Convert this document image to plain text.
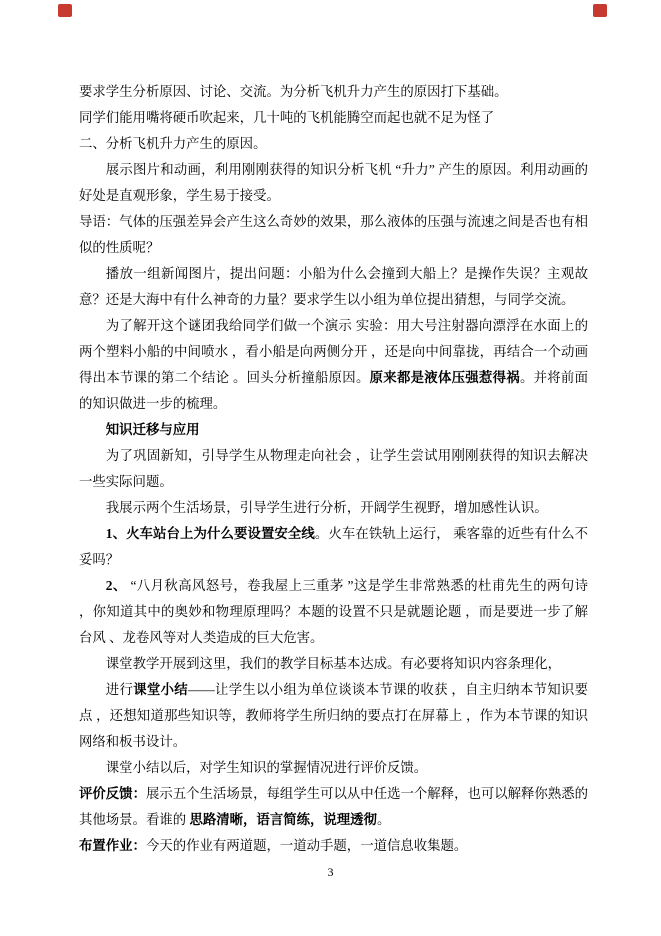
要求学生分析原因、讨论、交流。为分析飞机升力产生的原因打下基础。

同学们能用嘴将硬币吹起来，几十吨的飞机能腾空而起也就不足为怪了

二、分析飞机升力产生的原因。

展示图片和动画，利用刚刚获得的知识分析飞机 “升力” 产生的原因。利用动画的好处是直观形象，学生易于接受。

导语：气体的压强差异会产生这么奇妙的效果，那么液体的压强与流速之间是否也有相似的性质呢？

播放一组新闻图片，提出问题：小船为什么会撞到大船上？是操作失误？主观故意？还是大海中有什么神奇的力量？要求学生以小组为单位提出猜想，与同学交流。

为了解开这个谜团我给同学们做一个演示 实验：用大号注射器向漂浮在水面上的两个塑料小船的中间喷水 ，看小船是向两侧分开 ，还是向中间靠拢，再结合一个动画得出本节课的第二个结论 。回头分析撞船原因。原来都是液体压强惹得祸。并将前面的知识做进一步的梳理。

知识迁移与应用

为了巩固新知，引导学生从物理走向社会 ，让学生尝试用刚刚获得的知识去解决一些实际问题。

我展示两个生活场景，引导学生进行分析，开阔学生视野，增加感性认识。

1、火车站台上为什么要设置安全线。火车在铁轨上运行， 乘客靠的近些有什么不妥吗？

2、 “八月秋高风怒号，卷我屋上三重茅 ”这是学生非常熟悉的杜甫先生的两句诗 ，你知道其中的奥妙和物理原理吗？本题的设置不只是就题论题 ，而是要进一步了解台风 、龙卷风等对人类造成的巨大危害。

课堂教学开展到这里，我们的教学目标基本达成。有必要将知识内容条理化，

进行课堂小结——让学生以小组为单位谈谈本节课的收获 ，自主归纳本节知识要点 ，还想知道那些知识等，教师将学生所归纳的要点打在屏幕上 ，作为本节课的知识网络和板书设计。

课堂小结以后，对学生知识的掌握情况进行评价反馈。

评价反馈：展示五个生活场景，每组学生可以从中任选一个解释，也可以解释你熟悉的其他场景。看谁的 思路清晰，语言简练，说理透彻。

布置作业：今天的作业有两道题，一道动手题，一道信息收集题。

3
